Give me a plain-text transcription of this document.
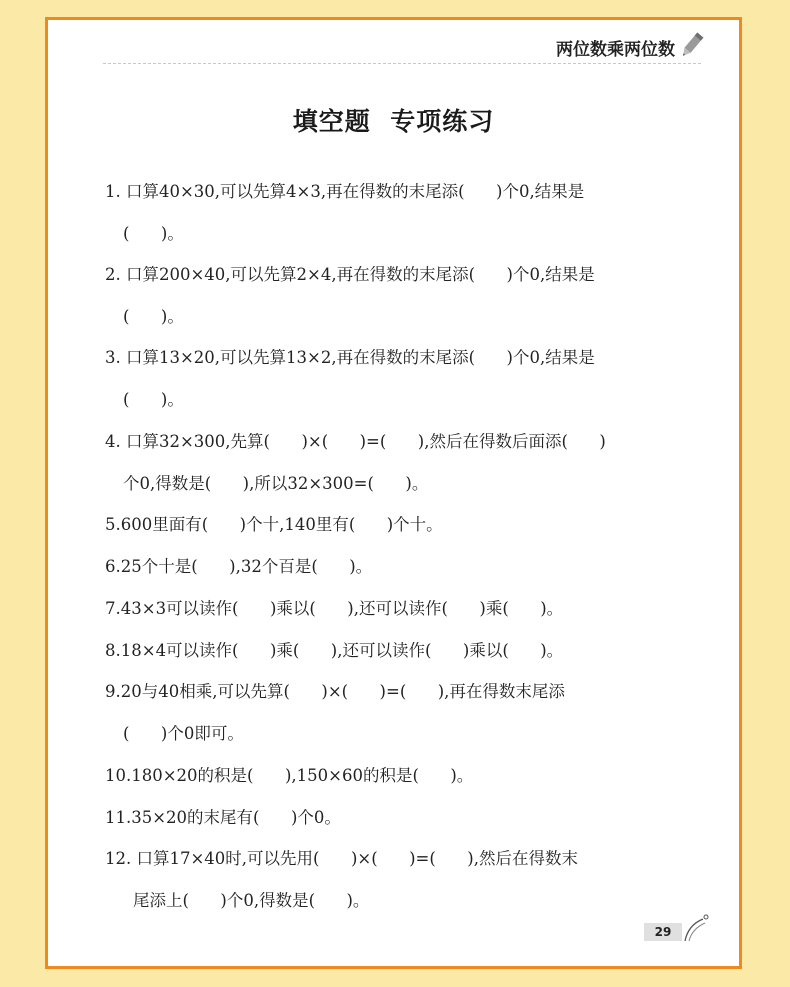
两位数乘两位数
填空题  专项练习
1. 口算40×30,可以先算4×3,再在得数的末尾添(      )个0,结果是
(      )。
2. 口算200×40,可以先算2×4,再在得数的末尾添(      )个0,结果是
(      )。
3. 口算13×20,可以先算13×2,再在得数的末尾添(      )个0,结果是
(      )。
4. 口算32×300,先算(      )×(      )=(      ),然后在得数后面添(      )
个0,得数是(      ),所以32×300=(      )。
5.600里面有(      )个十,140里有(      )个十。
6.25个十是(      ),32个百是(      )。
7.43×3可以读作(      )乘以(      ),还可以读作(      )乘(      )。
8.18×4可以读作(      )乘(      ),还可以读作(      )乘以(      )。
9.20与40相乘,可以先算(      )×(      )=(      ),再在得数末尾添
(      )个0即可。
10.180×20的积是(      ),150×60的积是(      )。
11.35×20的末尾有(      )个0。
12. 口算17×40时,可以先用(      )×(      )=(      ),然后在得数末
尾添上(      )个0,得数是(      )。
29
